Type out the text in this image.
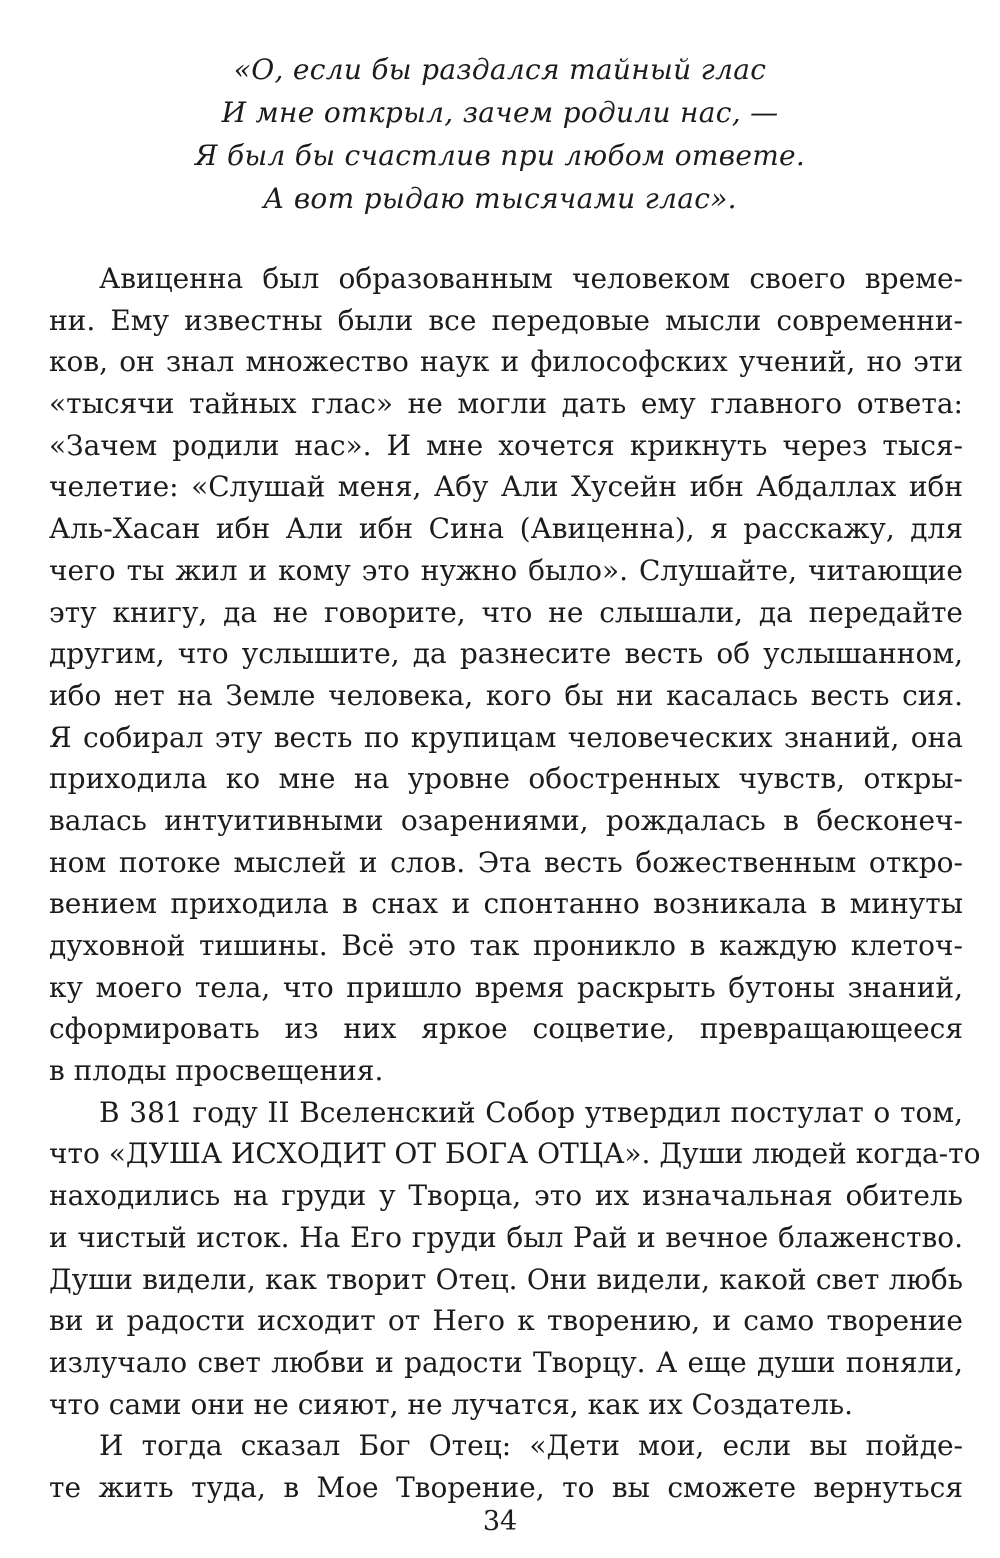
«О, если бы раздался тайный глас
И мне открыл, зачем родили нас, —
Я был бы счастлив при любом ответе.
А вот рыдаю тысячами глас».
Авиценна был образованным человеком своего време-
ни. Ему известны были все передовые мысли современни-
ков, он знал множество наук и философских учений, но эти
«тысячи тайных глас» не могли дать ему главного ответа:
«Зачем родили нас». И мне хочется крикнуть через тыся-
челетие: «Слушай меня, Абу Али Хусейн ибн Абдаллах ибн
Аль-Хасан ибн Али ибн Сина (Авиценна), я расскажу, для
чего ты жил и кому это нужно было». Слушайте, читающие
эту книгу, да не говорите, что не слышали, да передайте
другим, что услышите, да разнесите весть об услышанном,
ибо нет на Земле человека, кого бы ни касалась весть сия.
Я собирал эту весть по крупицам человеческих знаний, она
приходила ко мне на уровне обостренных чувств, откры-
валась интуитивными озарениями, рождалась в бесконеч-
ном потоке мыслей и слов. Эта весть божественным откро-
вением приходила в снах и спонтанно возникала в минуты
духовной тишины. Всё это так проникло в каждую клеточ-
ку моего тела, что пришло время раскрыть бутоны знаний,
сформировать из них яркое соцветие, превращающееся
в плоды просвещения.
В 381 году II Вселенский Собор утвердил постулат о том,
что «ДУША ИСХОДИТ ОТ БОГА ОТЦА». Души людей когда-то
находились на груди у Творца, это их изначальная обитель
и чистый исток. На Его груди был Рай и вечное блаженство.
Души видели, как творит Отец. Они видели, какой свет любь
ви и радости исходит от Него к творению, и само творение
излучало свет любви и радости Творцу. А еще души поняли,
что сами они не сияют, не лучатся, как их Создатель.
И тогда сказал Бог Отец: «Дети мои, если вы пойде-
те жить туда, в Мое Творение, то вы сможете вернуться
34
